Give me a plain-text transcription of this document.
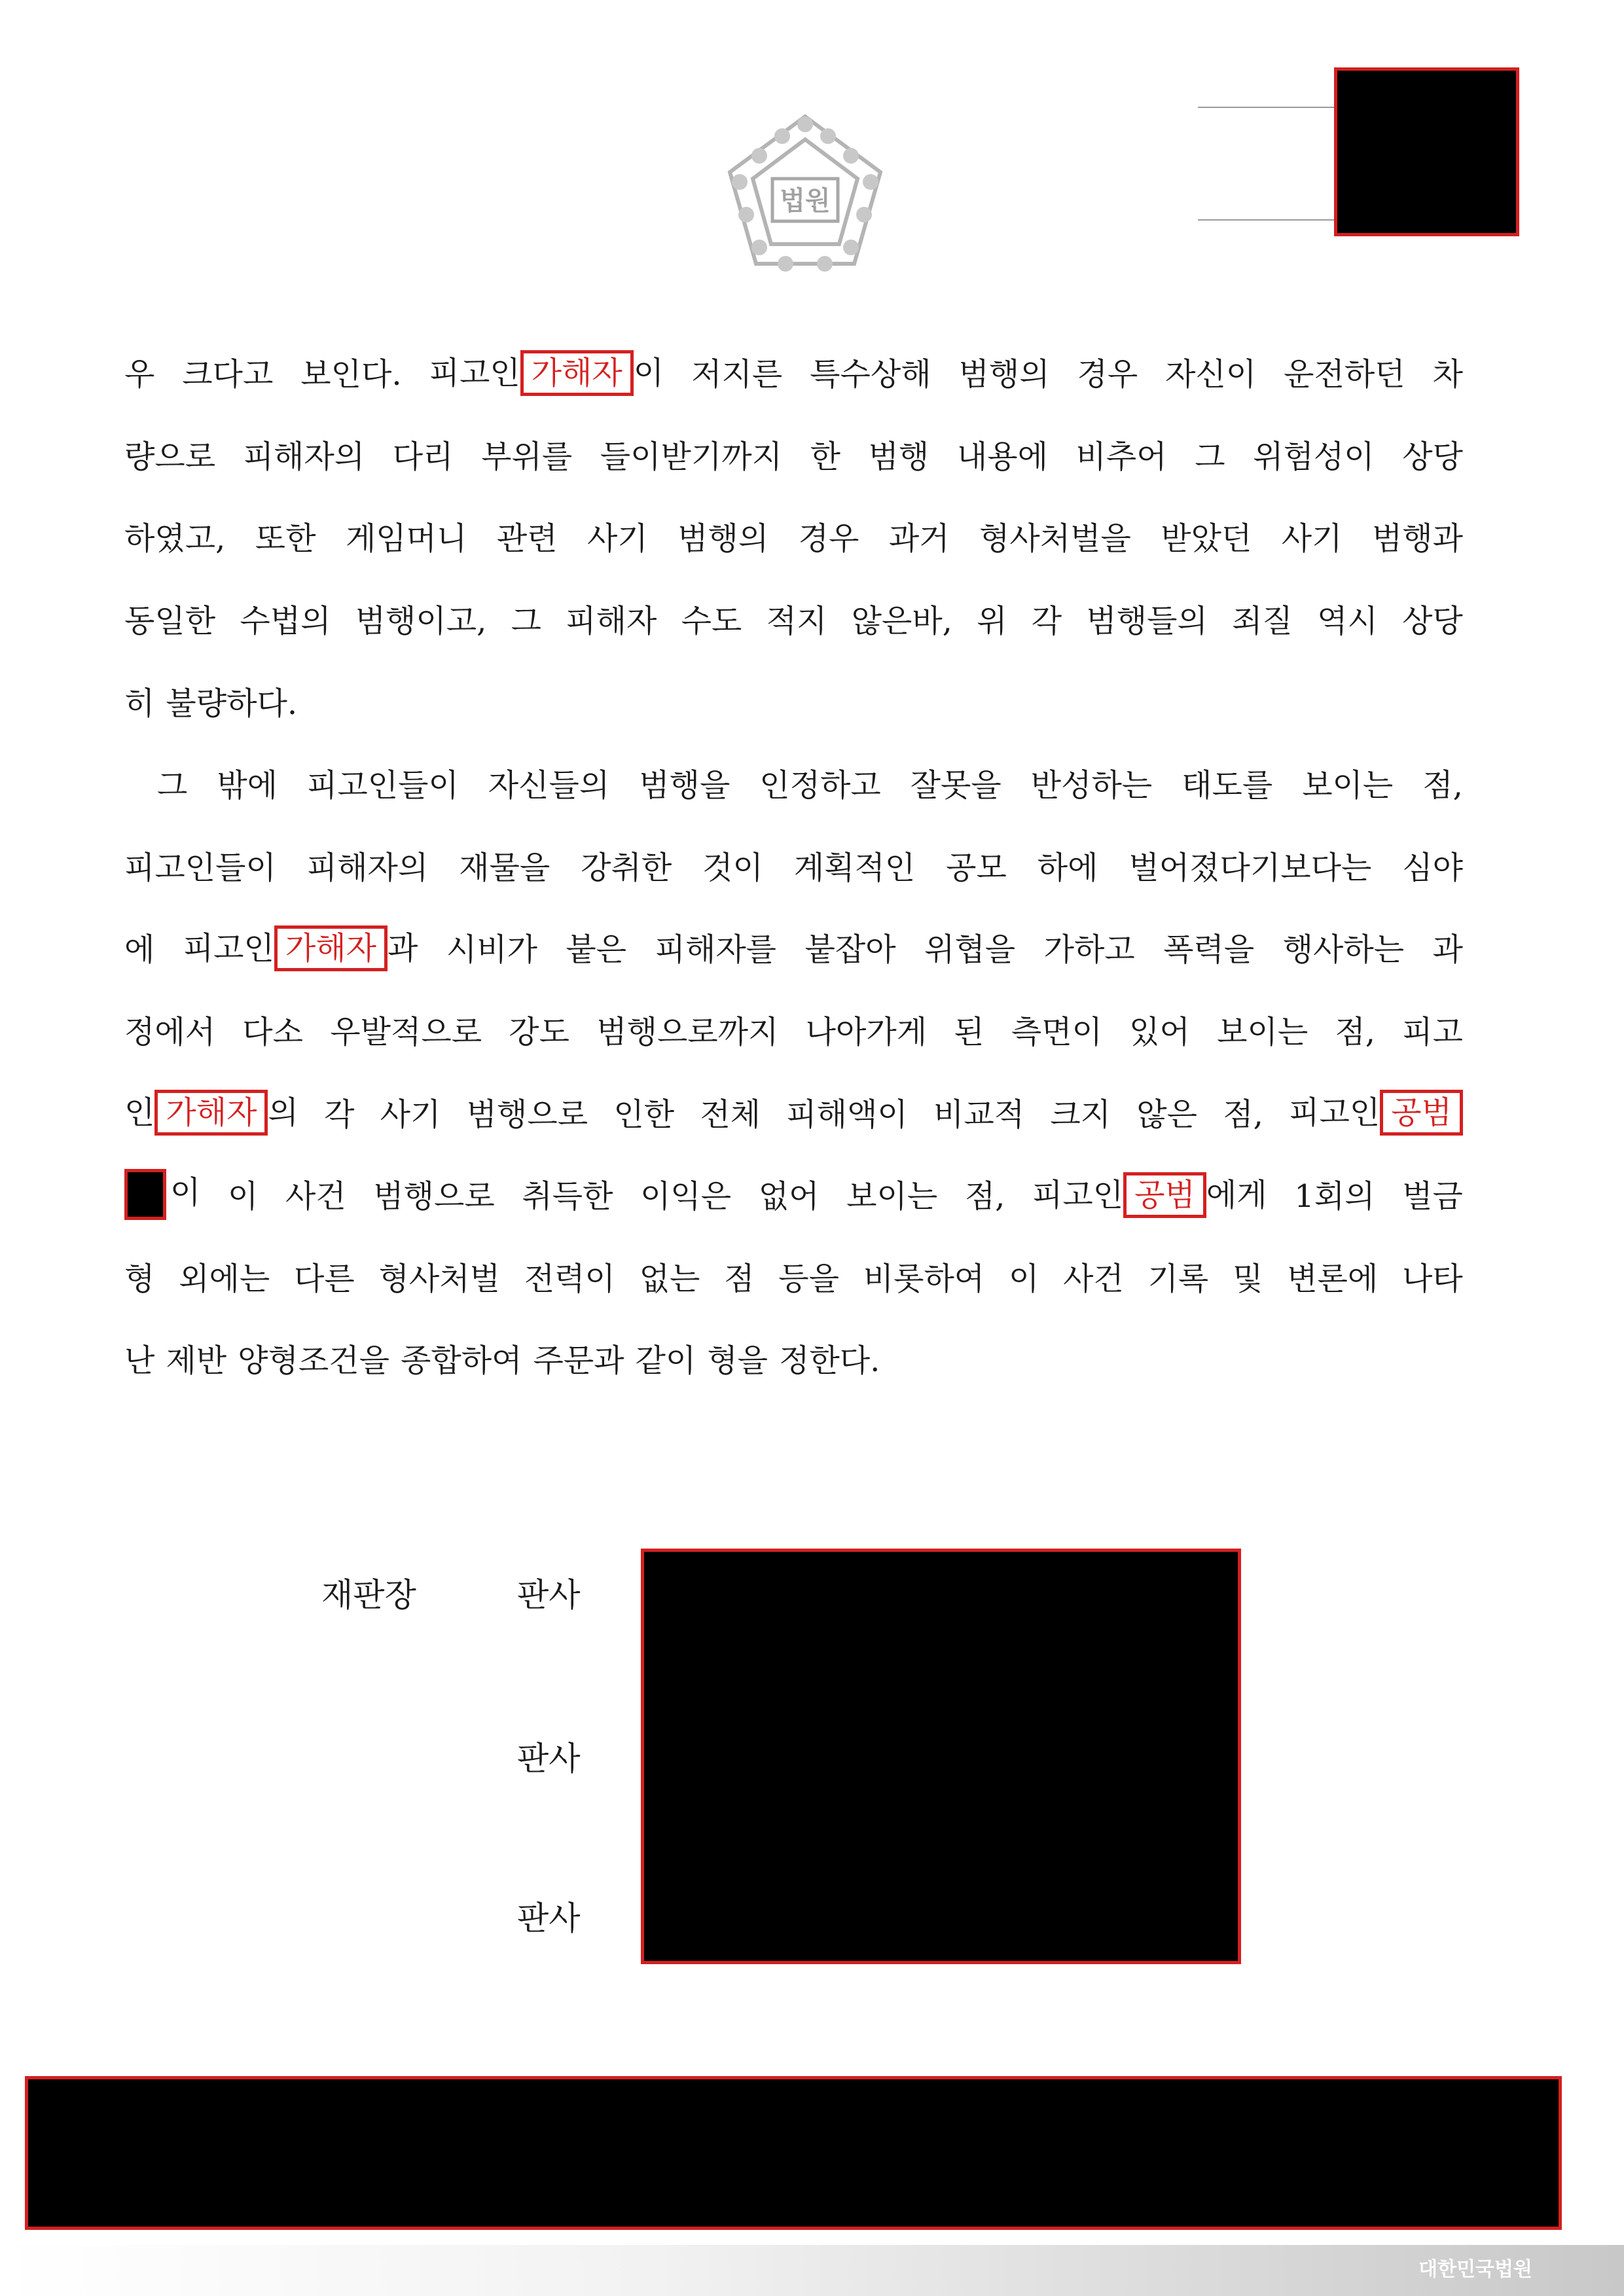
법원
우 크다고 보인다. 피고인 가해자 이 저지른 특수상해 범행의 경우 자신이 운전하던 차
량으로 피해자의 다리 부위를 들이받기까지 한 범행 내용에 비추어 그 위험성이 상당
하였고, 또한 게임머니 관련 사기 범행의 경우 과거 형사처벌을 받았던 사기 범행과
동일한 수법의 범행이고, 그 피해자 수도 적지 않은바, 위 각 범행들의 죄질 역시 상당
히 불량하다.
그 밖에 피고인들이 자신들의 범행을 인정하고 잘못을 반성하는 태도를 보이는 점,
피고인들이 피해자의 재물을 강취한 것이 계획적인 공모 하에 벌어졌다기보다는 심야
에 피고인 가해자 과 시비가 붙은 피해자를 붙잡아 위협을 가하고 폭력을 행사하는 과
정에서 다소 우발적으로 강도 범행으로까지 나아가게 된 측면이 있어 보이는 점, 피고
인 가해자 의 각 사기 범행으로 인한 전체 피해액이 비교적 크지 않은 점, 피고인 공범
이 이 사건 범행으로 취득한 이익은 없어 보이는 점, 피고인 공범 에게 1회의 벌금
형 외에는 다른 형사처벌 전력이 없는 점 등을 비롯하여 이 사건 기록 및 변론에 나타
난 제반 양형조건을 종합하여 주문과 같이 형을 정한다.
재판장	판사
판사
판사
대한민국법원
